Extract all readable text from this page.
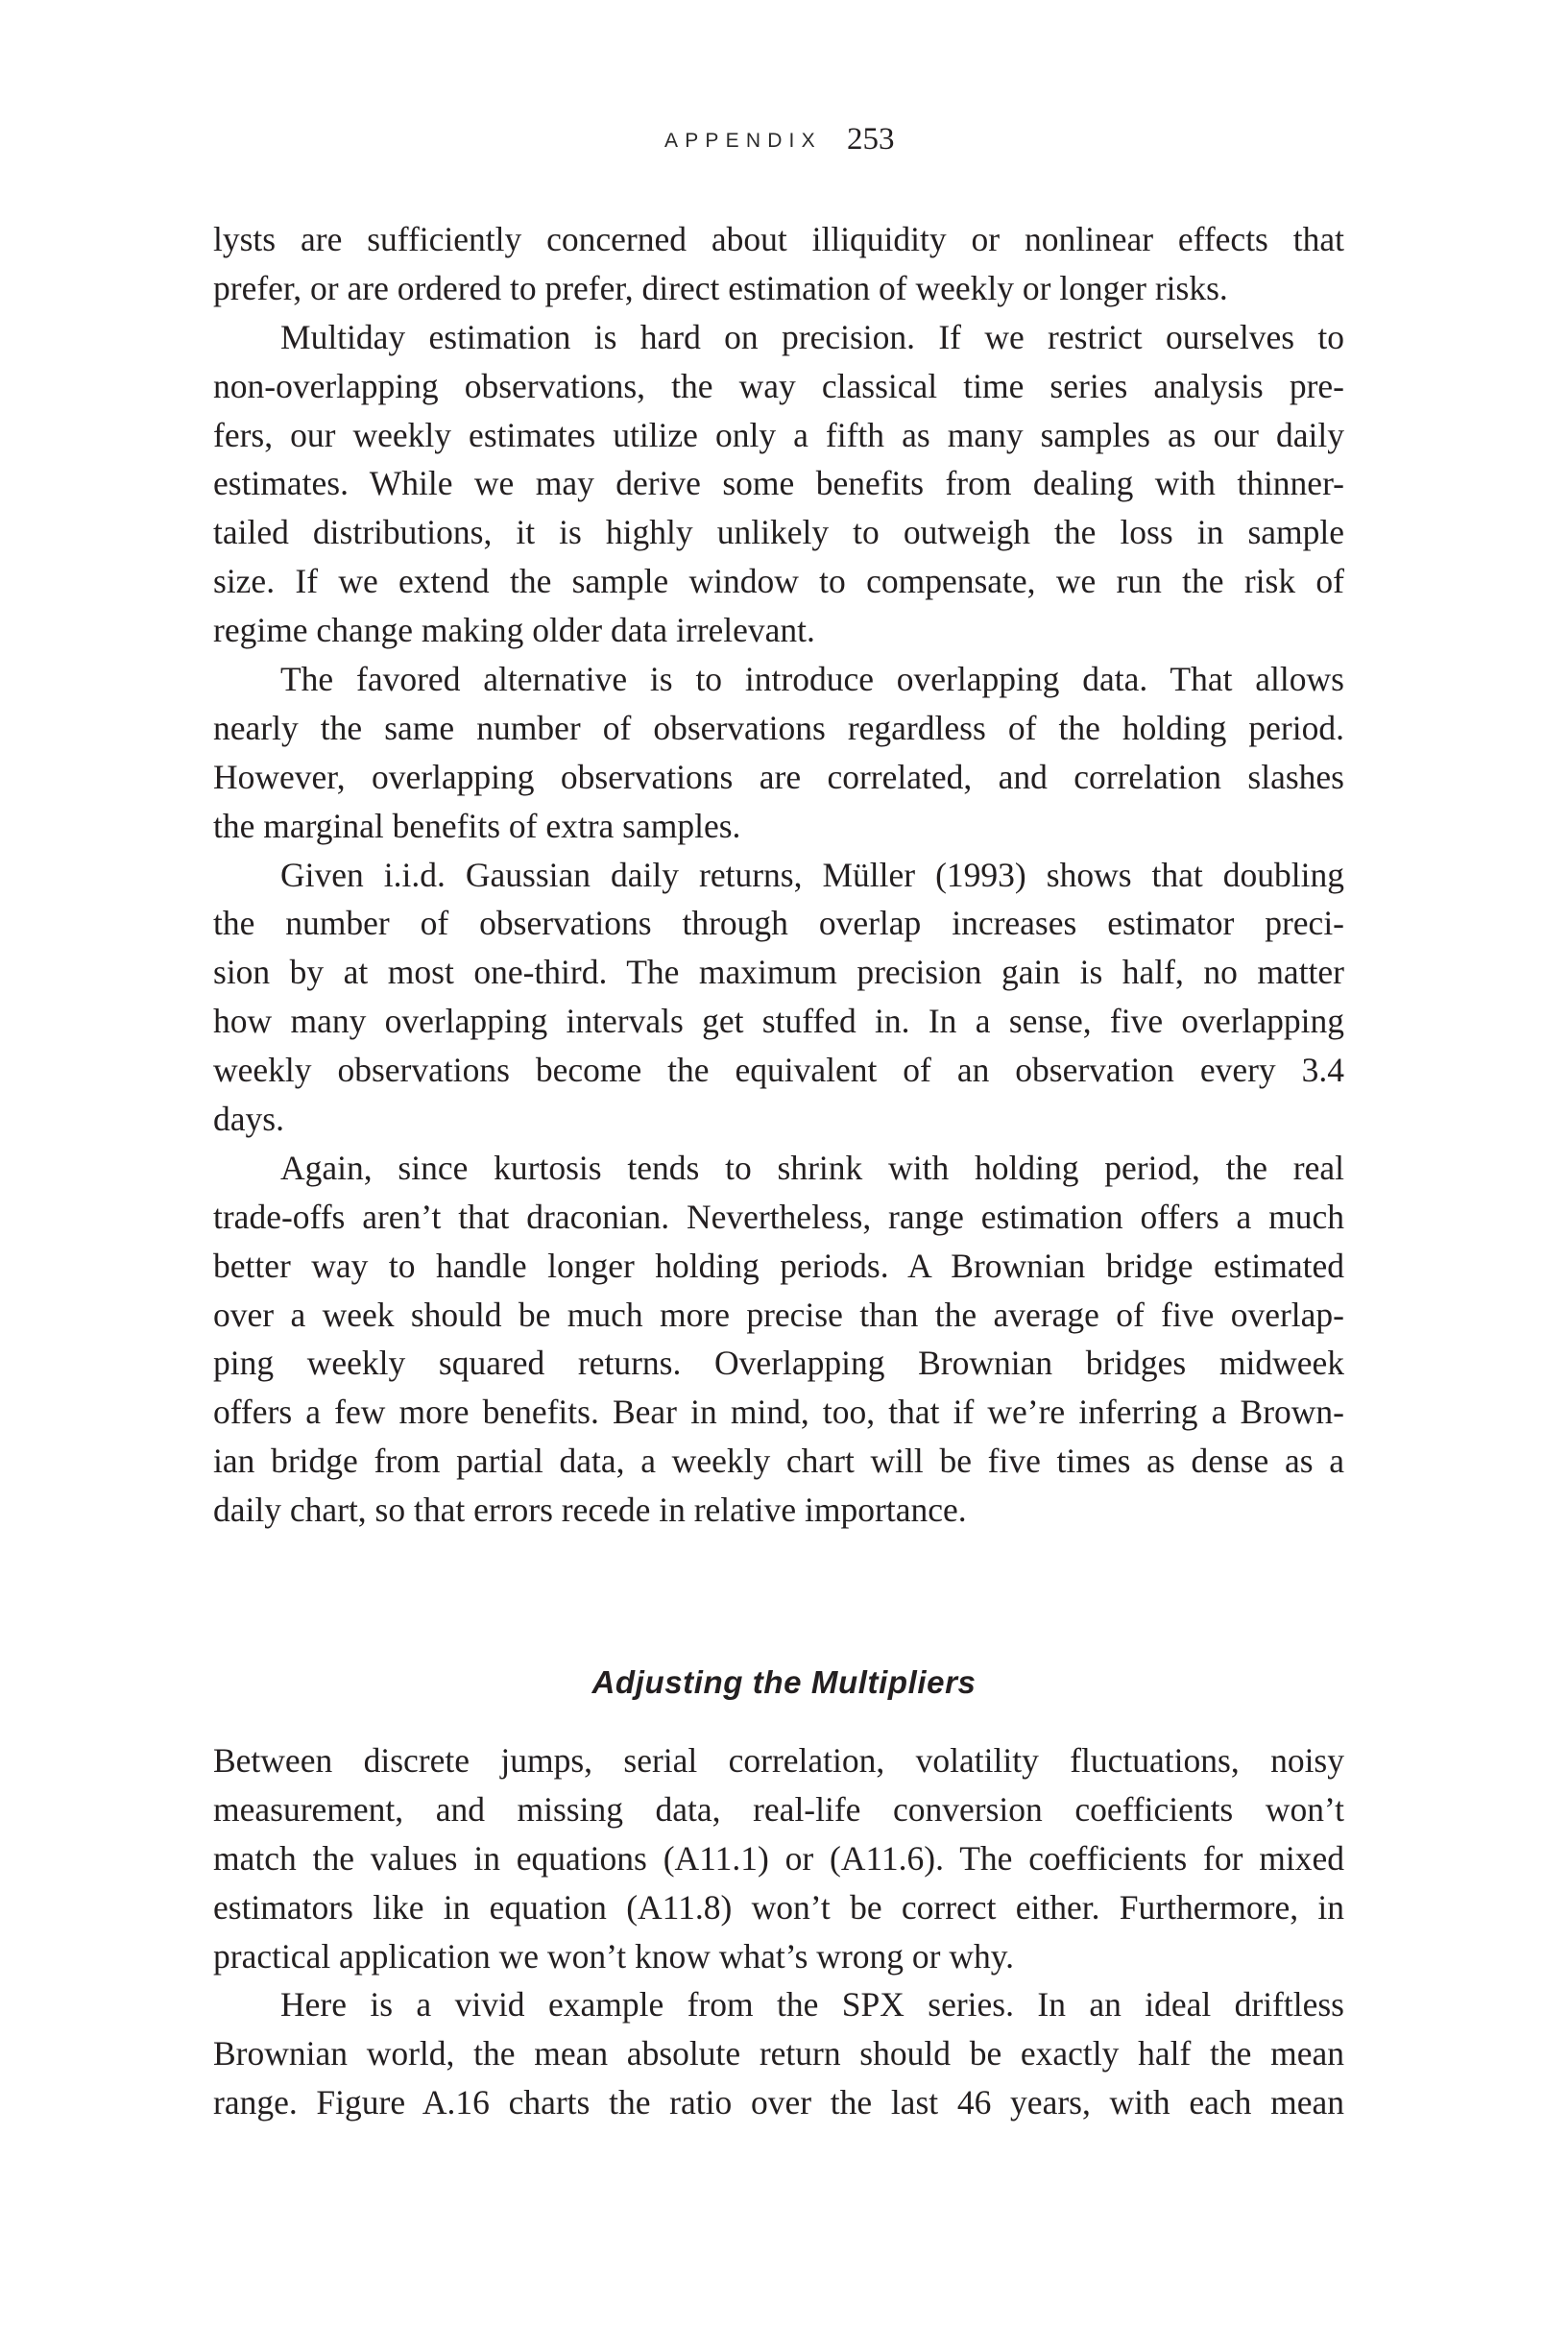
APPENDIX 253
lysts are sufficiently concerned about illiquidity or nonlinear effects that
prefer, or are ordered to prefer, direct estimation of weekly or longer risks.
Multiday estimation is hard on precision. If we restrict ourselves to
non-overlapping observations, the way classical time series analysis pre-
fers, our weekly estimates utilize only a fifth as many samples as our daily
estimates. While we may derive some benefits from dealing with thinner-
tailed distributions, it is highly unlikely to outweigh the loss in sample
size. If we extend the sample window to compensate, we run the risk of
regime change making older data irrelevant.
The favored alternative is to introduce overlapping data. That allows
nearly the same number of observations regardless of the holding period.
However, overlapping observations are correlated, and correlation slashes
the marginal benefits of extra samples.
Given i.i.d. Gaussian daily returns, Müller (1993) shows that doubling
the number of observations through overlap increases estimator preci-
sion by at most one-third. The maximum precision gain is half, no matter
how many overlapping intervals get stuffed in. In a sense, five overlapping
weekly observations become the equivalent of an observation every 3.4
days.
Again, since kurtosis tends to shrink with holding period, the real
trade-offs aren’t that draconian. Nevertheless, range estimation offers a much
better way to handle longer holding periods. A Brownian bridge estimated
over a week should be much more precise than the average of five overlap-
ping weekly squared returns. Overlapping Brownian bridges midweek
offers a few more benefits. Bear in mind, too, that if we’re inferring a Brown-
ian bridge from partial data, a weekly chart will be five times as dense as a
daily chart, so that errors recede in relative importance.
Adjusting the Multipliers
Between discrete jumps, serial correlation, volatility fluctuations, noisy
measurement, and missing data, real-life conversion coefficients won’t
match the values in equations (A11.1) or (A11.6). The coefficients for mixed
estimators like in equation (A11.8) won’t be correct either. Furthermore, in
practical application we won’t know what’s wrong or why.
Here is a vivid example from the SPX series. In an ideal driftless
Brownian world, the mean absolute return should be exactly half the mean
range. Figure A.16 charts the ratio over the last 46 years, with each mean
